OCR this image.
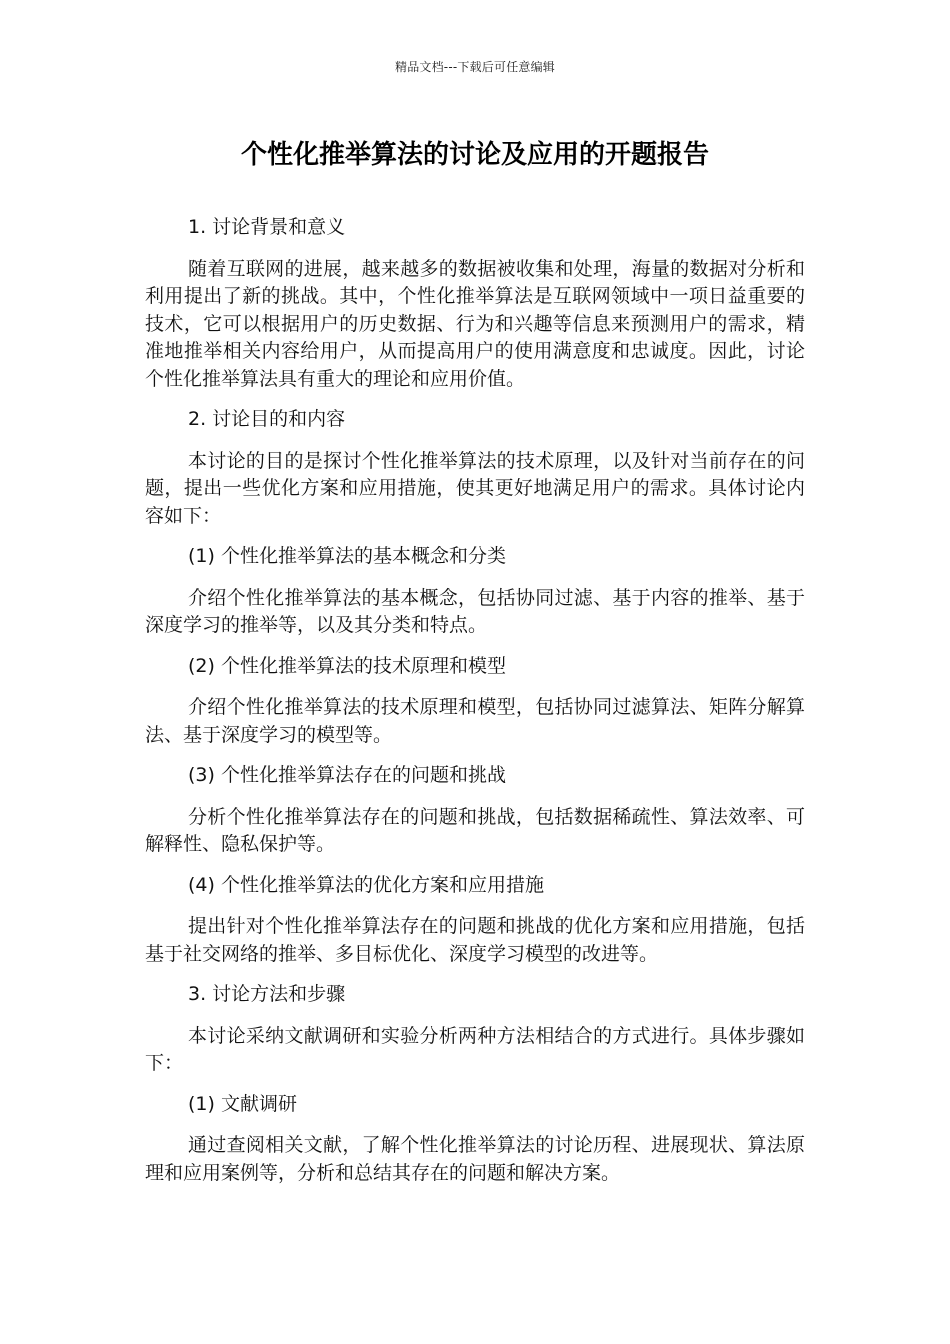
精品文档---下载后可任意编辑
个性化推举算法的讨论及应用的开题报告

1. 讨论背景和意义

随着互联网的进展，越来越多的数据被收集和处理，海量的数据对分析和利用提出了新的挑战。其中，个性化推举算法是互联网领域中一项日益重要的技术，它可以根据用户的历史数据、行为和兴趣等信息来预测用户的需求，精准地推举相关内容给用户，从而提高用户的使用满意度和忠诚度。因此，讨论个性化推举算法具有重大的理论和应用价值。

2. 讨论目的和内容

本讨论的目的是探讨个性化推举算法的技术原理，以及针对当前存在的问题，提出一些优化方案和应用措施，使其更好地满足用户的需求。具体讨论内容如下：

(1) 个性化推举算法的基本概念和分类

介绍个性化推举算法的基本概念，包括协同过滤、基于内容的推举、基于深度学习的推举等，以及其分类和特点。

(2) 个性化推举算法的技术原理和模型

介绍个性化推举算法的技术原理和模型，包括协同过滤算法、矩阵分解算法、基于深度学习的模型等。

(3) 个性化推举算法存在的问题和挑战

分析个性化推举算法存在的问题和挑战，包括数据稀疏性、算法效率、可解释性、隐私保护等。

(4) 个性化推举算法的优化方案和应用措施

提出针对个性化推举算法存在的问题和挑战的优化方案和应用措施，包括基于社交网络的推举、多目标优化、深度学习模型的改进等。

3. 讨论方法和步骤

本讨论采纳文献调研和实验分析两种方法相结合的方式进行。具体步骤如下：

(1) 文献调研

通过查阅相关文献，了解个性化推举算法的讨论历程、进展现状、算法原理和应用案例等，分析和总结其存在的问题和解决方案。
